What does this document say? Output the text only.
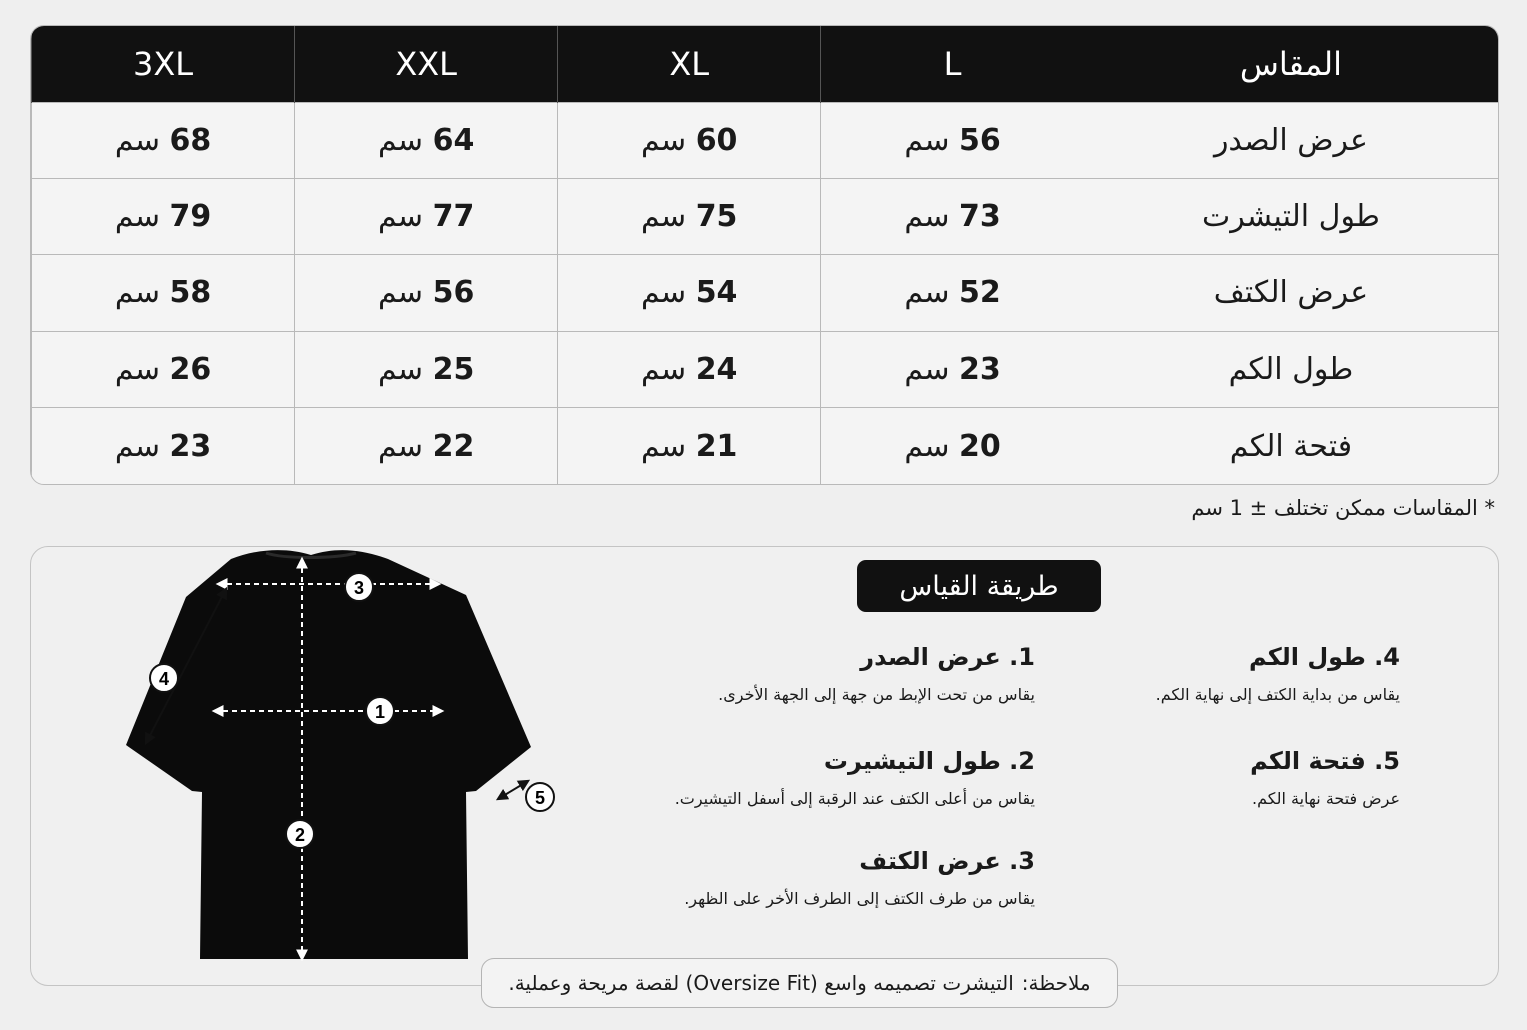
المقاس	L	XL	XXL	3XL
عرض الصدر	56 سم	60 سم	64 سم	68 سم
طول التيشرت	73 سم	75 سم	77 سم	79 سم
عرض الكتف	52 سم	54 سم	56 سم	58 سم
طول الكم	23 سم	24 سم	25 سم	26 سم
فتحة الكم	20 سم	21 سم	22 سم	23 سم
* المقاسات ممكن تختلف ± 1 سم
طريقة القياس
1. عرض الصدر
يقاس من تحت الإبط من جهة إلى الجهة الأخرى.
2. طول التيشيرت
يقاس من أعلى الكتف عند الرقبة إلى أسفل التيشيرت.
3. عرض الكتف
يقاس من طرف الكتف إلى الطرف الأخر على الظهر.
4. طول الكم
يقاس من بداية الكتف إلى نهاية الكم.
5. فتحة الكم
عرض فتحة نهاية الكم.
3
1
2
4
5
ملاحظة:
التيشرت تصميمه واسع (Oversize Fit) لقصة مريحة وعملية.
